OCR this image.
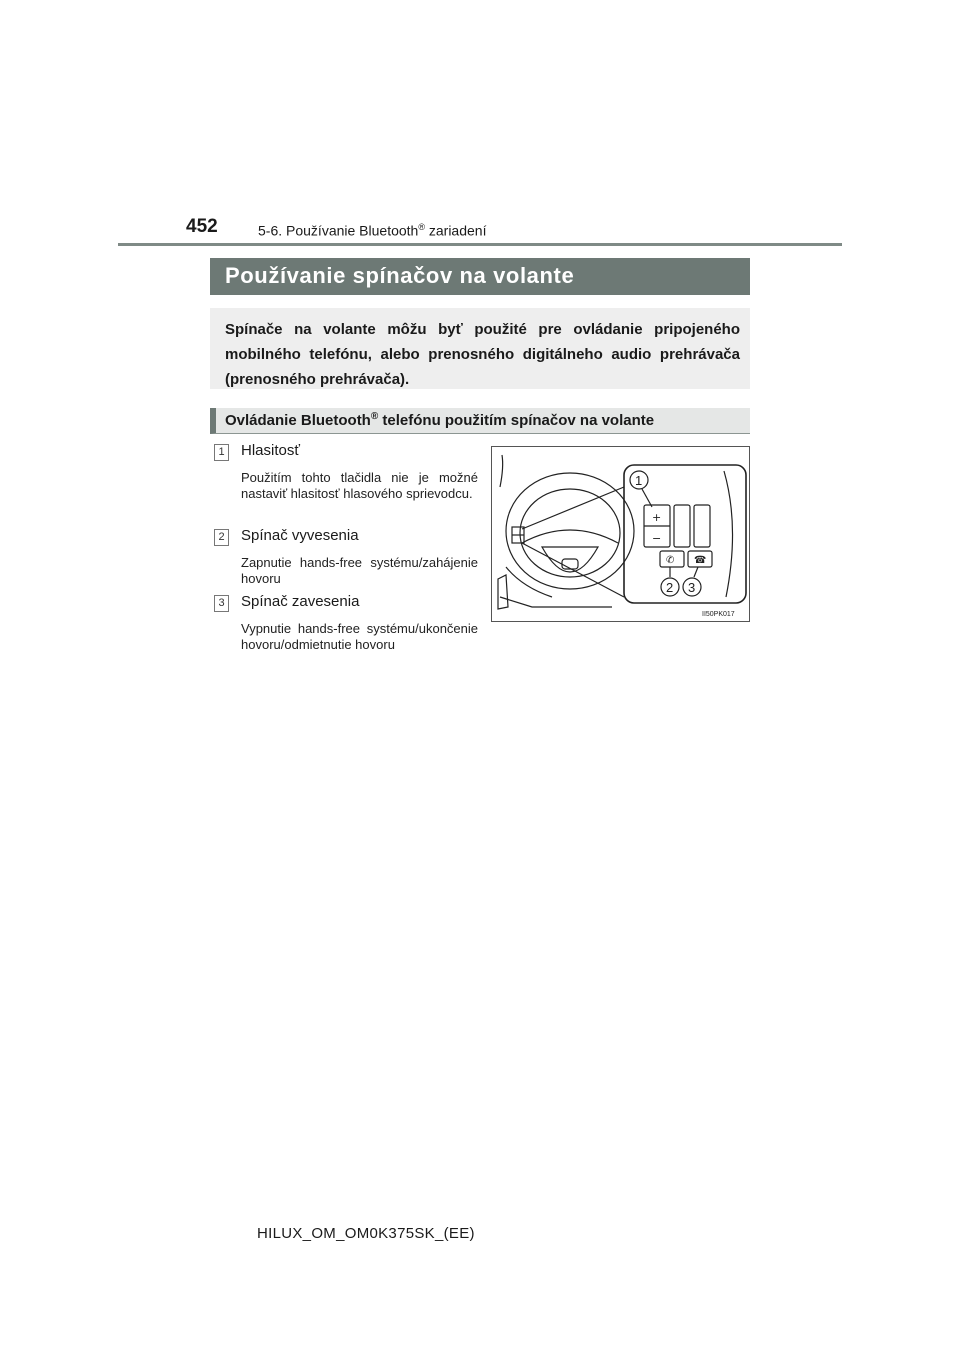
452	5-6. Používanie Bluetooth® zariadení
Používanie spínačov na volante
Spínače na volante môžu byť použité pre ovládanie pripojeného mobilného telefónu, alebo prenosného digitálneho audio prehrávača (prenosného prehrávača).
Ovládanie Bluetooth® telefónu použitím spínačov na volante
1 Hlasitosť
Použitím tohto tlačidla nie je možné nastaviť hlasitosť hlasového sprievodcu.
2 Spínač vyvesenia
Zapnutie hands-free systému/zahájenie hovoru
3 Spínač zavesenia
Vypnutie hands-free systému/ukončenie hovoru/odmietnutie hovoru
+
−
✆ ☎
1
2 3
II50PK017
HILUX_OM_OM0K375SK_(EE)
